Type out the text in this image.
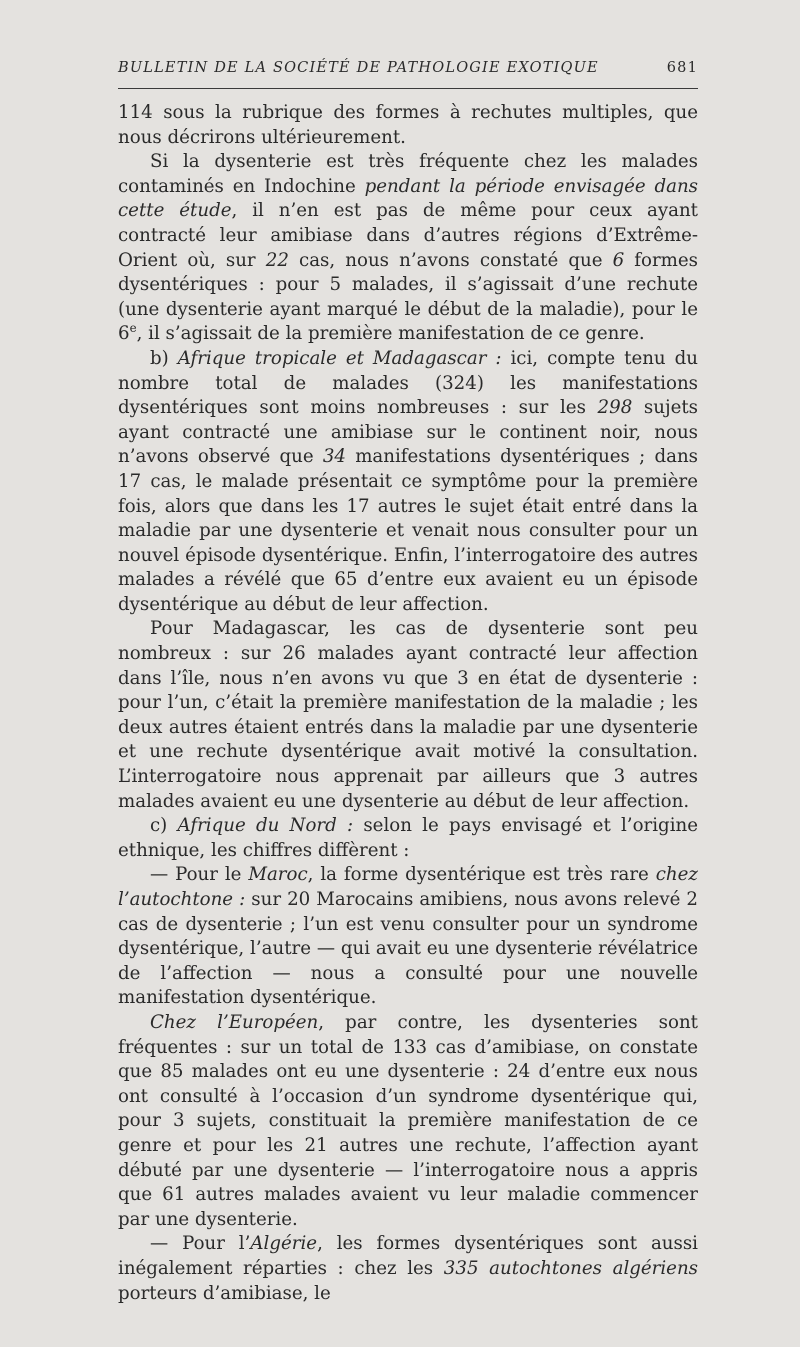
BULLETIN DE LA SOCIÉTÉ DE PATHOLOGIE EXOTIQUE	681

114 sous la rubrique des formes à rechutes multiples, que nous décrirons ultérieurement.

Si la dysenterie est très fréquente chez les malades contaminés en Indochine pendant la période envisagée dans cette étude, il n’en est pas de même pour ceux ayant contracté leur amibiase dans d’autres régions d’Extrême-Orient où, sur 22 cas, nous n’avons constaté que 6 formes dysentériques : pour 5 malades, il s’agissait d’une rechute (une dysenterie ayant marqué le début de la maladie), pour le 6e, il s’agissait de la première manifestation de ce genre.

b) Afrique tropicale et Madagascar : ici, compte tenu du nombre total de malades (324) les manifestations dysentériques sont moins nombreuses : sur les 298 sujets ayant contracté une amibiase sur le continent noir, nous n’avons observé que 34 manifestations dysentériques ; dans 17 cas, le malade présentait ce symptôme pour la première fois, alors que dans les 17 autres le sujet était entré dans la maladie par une dysenterie et venait nous consulter pour un nouvel épisode dysentérique. Enfin, l’interrogatoire des autres malades a révélé que 65 d’entre eux avaient eu un épisode dysentérique au début de leur affection.

Pour Madagascar, les cas de dysenterie sont peu nombreux : sur 26 malades ayant contracté leur affection dans l’île, nous n’en avons vu que 3 en état de dysenterie : pour l’un, c’était la première manifestation de la maladie ; les deux autres étaient entrés dans la maladie par une dysenterie et une rechute dysentérique avait motivé la consultation. L’interrogatoire nous apprenait par ailleurs que 3 autres malades avaient eu une dysenterie au début de leur affection.

c) Afrique du Nord : selon le pays envisagé et l’origine ethnique, les chiffres diffèrent :

— Pour le Maroc, la forme dysentérique est très rare chez l’autochtone : sur 20 Marocains amibiens, nous avons relevé 2 cas de dysenterie ; l’un est venu consulter pour un syndrome dysentérique, l’autre — qui avait eu une dysenterie révélatrice de l’affection — nous a consulté pour une nouvelle manifestation dysentérique.

Chez l’Européen, par contre, les dysenteries sont fréquentes : sur un total de 133 cas d’amibiase, on constate que 85 malades ont eu une dysenterie : 24 d’entre eux nous ont consulté à l’occasion d’un syndrome dysentérique qui, pour 3 sujets, constituait la première manifestation de ce genre et pour les 21 autres une rechute, l’affection ayant débuté par une dysenterie — l’interrogatoire nous a appris que 61 autres malades avaient vu leur maladie commencer par une dysenterie.

— Pour l’Algérie, les formes dysentériques sont aussi inégalement réparties : chez les 335 autochtones algériens porteurs d’amibiase, le
